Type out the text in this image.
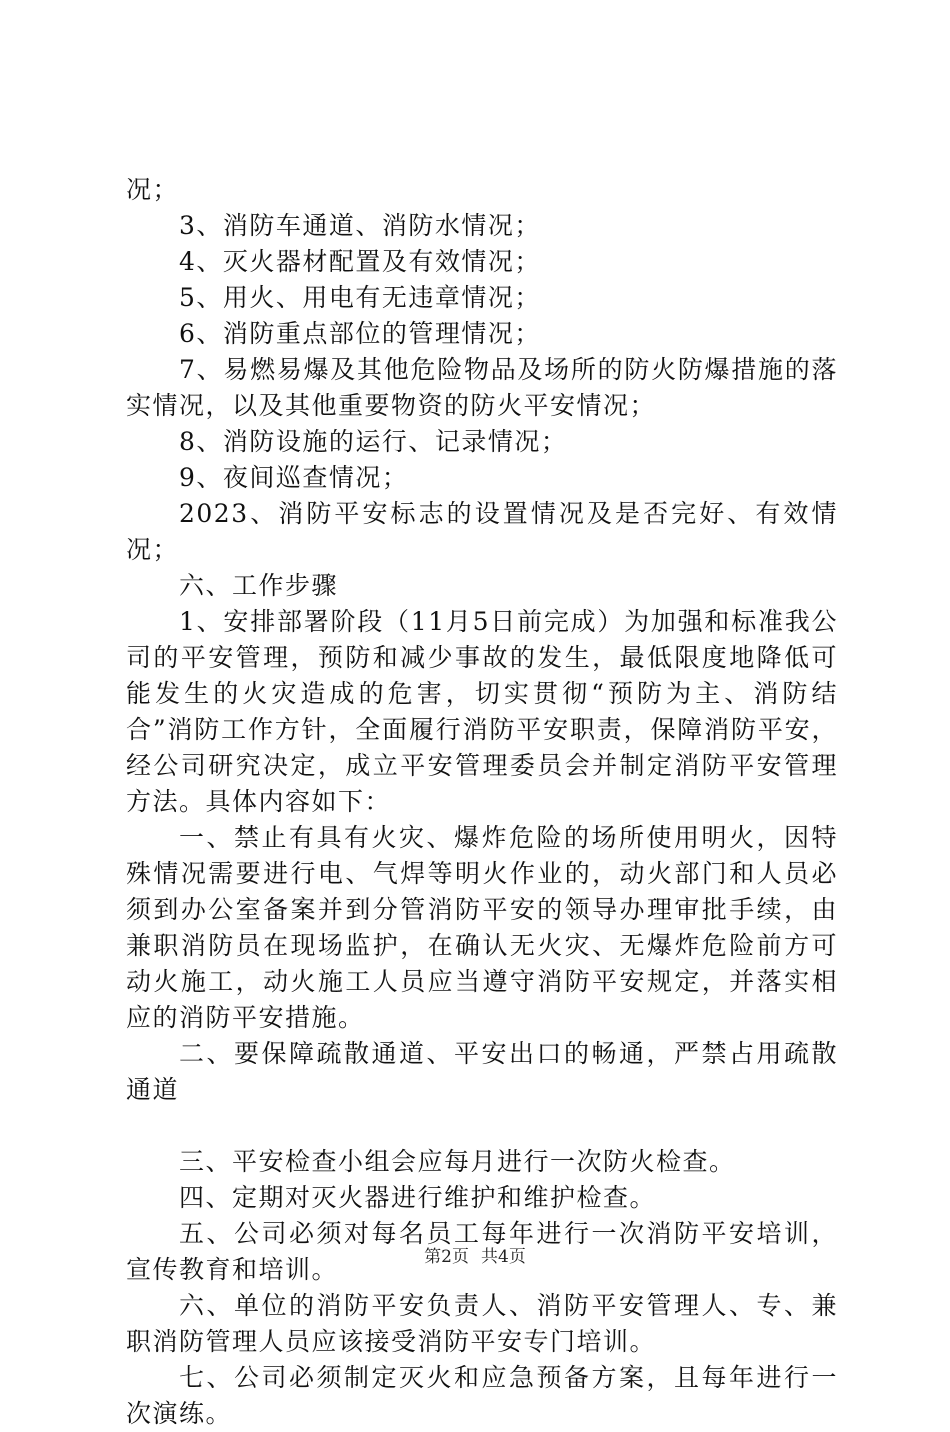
况；

3、消防车通道、消防水情况；

4、灭火器材配置及有效情况；

5、用火、用电有无违章情况；

6、消防重点部位的管理情况；

7、易燃易爆及其他危险物品及场所的防火防爆措施的落实情况，以及其他重要物资的防火平安情况；

8、消防设施的运行、记录情况；

9、夜间巡查情况；

2023、消防平安标志的设置情况及是否完好、有效情况；

六、工作步骤

1、安排部署阶段（11月5日前完成）为加强和标准我公司的平安管理，预防和减少事故的发生，最低限度地降低可能发生的火灾造成的危害，切实贯彻“预防为主、消防结合”消防工作方针，全面履行消防平安职责，保障消防平安，经公司研究决定，成立平安管理委员会并制定消防平安管理方法。具体内容如下：

一、禁止有具有火灾、爆炸危险的场所使用明火，因特殊情况需要进行电、气焊等明火作业的，动火部门和人员必须到办公室备案并到分管消防平安的领导办理审批手续，由兼职消防员在现场监护，在确认无火灾、无爆炸危险前方可动火施工，动火施工人员应当遵守消防平安规定，并落实相应的消防平安措施。

二、要保障疏散通道、平安出口的畅通，严禁占用疏散通道

三、平安检查小组会应每月进行一次防火检查。

四、定期对灭火器进行维护和维护检查。

五、公司必须对每名员工每年进行一次消防平安培训，宣传教育和培训。

六、单位的消防平安负责人、消防平安管理人、专、兼职消防管理人员应该接受消防平安专门培训。

七、公司必须制定灭火和应急预备方案，且每年进行一次演练。

第2页 共4页
